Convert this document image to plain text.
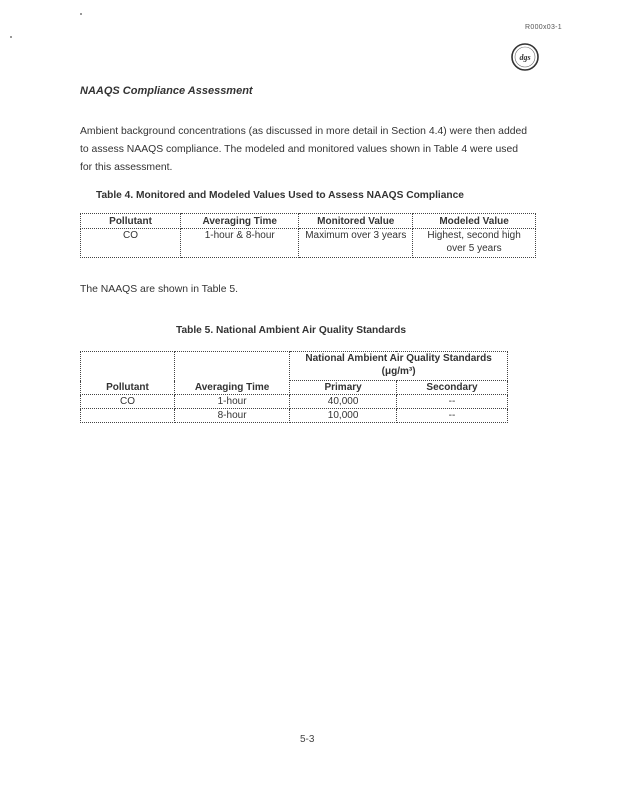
R000x03-1
dgs
NAAQS Compliance Assessment
Ambient background concentrations (as discussed in more detail in Section 4.4) were then added to assess NAAQS compliance. The modeled and monitored values shown in Table 4 were used for this assessment.
Table 4. Monitored and Modeled Values Used to Assess NAAQS Compliance
Pollutant	Averaging Time	Monitored Value	Modeled Value
CO	1-hour & 8-hour	Maximum over 3 years	Highest, second high over 5 years
The NAAQS are shown in Table 5.
Table 5. National Ambient Air Quality Standards
Pollutant	Averaging Time	National Ambient Air Quality Standards (μg/m³)	
		Primary	Secondary
CO	1-hour	40,000	--
	8-hour	10,000	--
5-3
